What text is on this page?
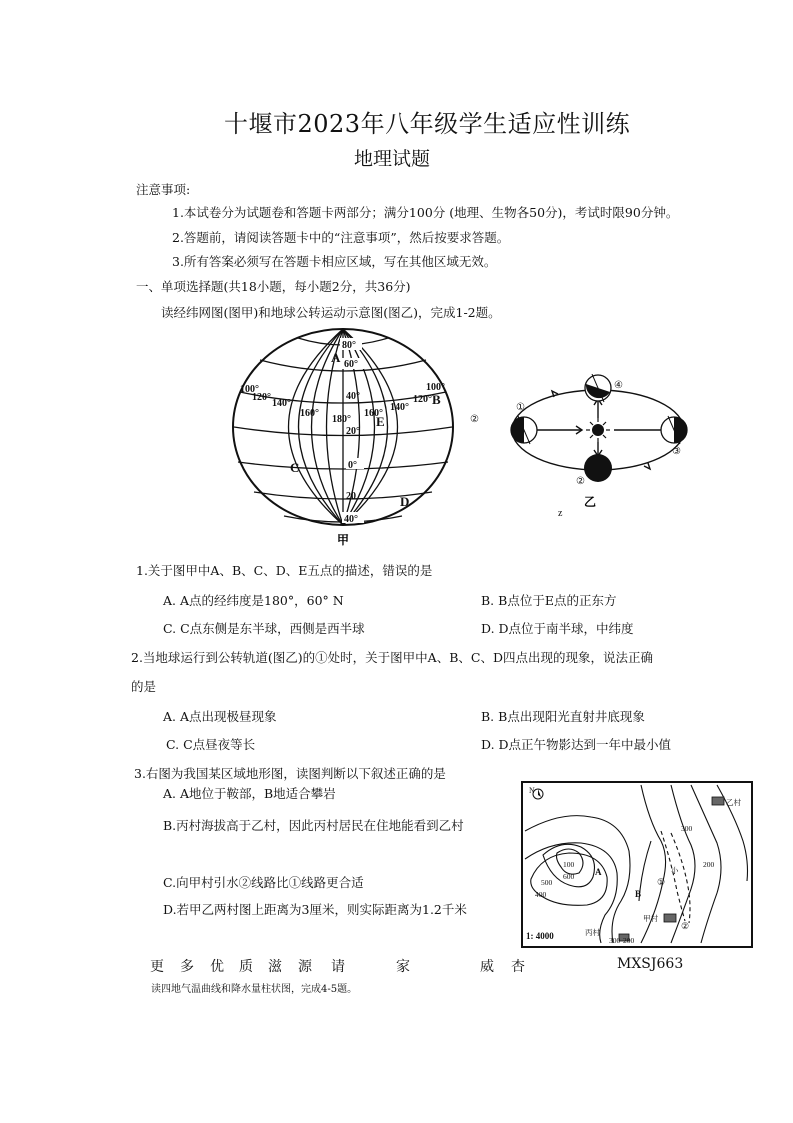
十堰市2023年八年级学生适应性训练
地理试题
注意事项:
1.本试卷分为试题卷和答题卡两部分；满分100分 (地理、生物各50分)，考试时限90分钟。
2.答题前，请阅读答题卡中的“注意事项”，然后按要求答题。
3.所有答案必须写在答题卡相应区域，写在其他区域无效。
一、单项选择题(共18小题，每小题2分，共36分)
读经纬网图(图甲)和地球公转运动示意图(图乙)，完成1-2题。
80°
60°
40°
20°
0°
20
40°
100°
120°
140°
160°
180°
160°
140°
120°
100°
A
B
C
D
E
甲
②
①
②
③
④
z
乙
1.关于图甲中A、B、C、D、E五点的描述，错误的是
A. A点的经纬度是180°，60° N	B. B点位于E点的正东方
C. C点东侧是东半球，西侧是西半球	D. D点位于南半球，中纬度
2.当地球运行到公转轨道(图乙)的①处时，关于图甲中A、B、C、D四点出现的现象，说法正确
的是
A. A点出现极昼现象	B. B点出现阳光直射井底现象
C. C点昼夜等长	D. D点正午物影达到一年中最小值
3.右图为我国某区域地形图，读图判断以下叙述正确的是
A. A地位于鞍部，B地适合攀岩
B.丙村海拔高于乙村，因此丙村居民在住地能看到乙村
C.向甲村引水②线路比①线路更合适
D.若甲乙两村图上距离为3厘米，则实际距离为1.2千米
N
100
500
600
400
300
200
300 200
A
B
甲村
乙村
丙村
①
②
小
1: 4000
更 多 优 质 滋 源 请	家	威 杏	MXSJ663
读四地气温曲线和降水量柱状图，完成4-5题。
